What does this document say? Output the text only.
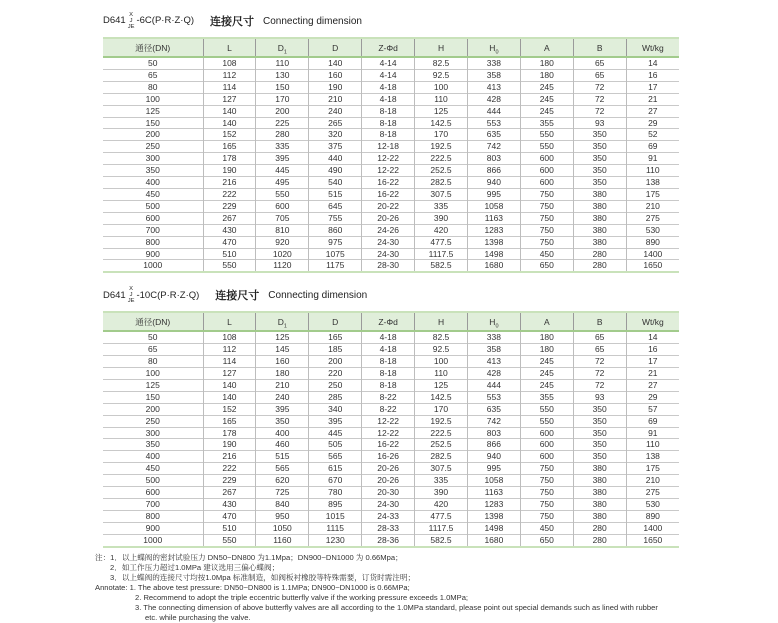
D641
X
J
JE
-6C(P·R·Z·Q) 连接尺寸 Connecting dimension
通径(DN)	L	$D_1$	D	Z-Φd	H	$H_0$	A	B	Wt/kg
50	108	110	140	4-14	82.5	338	180	65	14
65	112	130	160	4-14	92.5	358	180	65	16
80	114	150	190	4-18	100	413	245	72	17
100	127	170	210	4-18	110	428	245	72	21
125	140	200	240	8-18	125	444	245	72	27
150	140	225	265	8-18	142.5	553	355	93	29
200	152	280	320	8-18	170	635	550	350	52
250	165	335	375	12-18	192.5	742	550	350	69
300	178	395	440	12-22	222.5	803	600	350	91
350	190	445	490	12-22	252.5	866	600	350	110
400	216	495	540	16-22	282.5	940	600	350	138
450	222	550	515	16-22	307.5	995	750	380	175
500	229	600	645	20-22	335	1058	750	380	210
600	267	705	755	20-26	390	1163	750	380	275
700	430	810	860	24-26	420	1283	750	380	530
800	470	920	975	24-30	477.5	1398	750	380	890
900	510	1020	1075	24-30	1117.5	1498	450	280	1400
1000	550	1120	1175	28-30	582.5	1680	650	280	1650
D641
X
J
JE
-10C(P·R·Z·Q) 连接尺寸 Connecting dimension
通径(DN)	L	$D_1$	D	Z-Φd	H	$H_0$	A	B	Wt/kg
50	108	125	165	4-18	82.5	338	180	65	14
65	112	145	185	4-18	92.5	358	180	65	16
80	114	160	200	8-18	100	413	245	72	17
100	127	180	220	8-18	110	428	245	72	21
125	140	210	250	8-18	125	444	245	72	27
150	140	240	285	8-22	142.5	553	355	93	29
200	152	395	340	8-22	170	635	550	350	57
250	165	350	395	12-22	192.5	742	550	350	69
300	178	400	445	12-22	222.5	803	600	350	91
350	190	460	505	16-22	252.5	866	600	350	110
400	216	515	565	16-26	282.5	940	600	350	138
450	222	565	615	20-26	307.5	995	750	380	175
500	229	620	670	20-26	335	1058	750	380	210
600	267	725	780	20-30	390	1163	750	380	275
700	430	840	895	24-30	420	1283	750	380	530
800	470	950	1015	24-33	477.5	1398	750	380	890
900	510	1050	1115	28-33	1117.5	1498	450	280	1400
1000	550	1160	1230	28-36	582.5	1680	650	280	1650
注：1．以上蝶阀的密封试验压力 DN50~DN800 为1.1Mpa；DN900~DN1000 为 0.66Mpa；
2．如工作压力超过1.0MPa 建议选用三偏心蝶阀；
3．以上蝶阀的连接尺寸均按1.0Mpa 标准制造，如阀板衬橡胶等特殊需要，订货时需注明；
Annotate: 1. The above test pressure: DN50~DN800 is 1.1MPa; DN900~DN1000 is 0.66MPa;
2. Recommend to adopt the triple eccentric butterfly valve if the working pressure exceeds 1.0MPa;
3. The connecting dimension of above butterfly valves are all according to the 1.0MPa standard, please point out special demands such as lined with rubber
etc. while purchasing the valve.
